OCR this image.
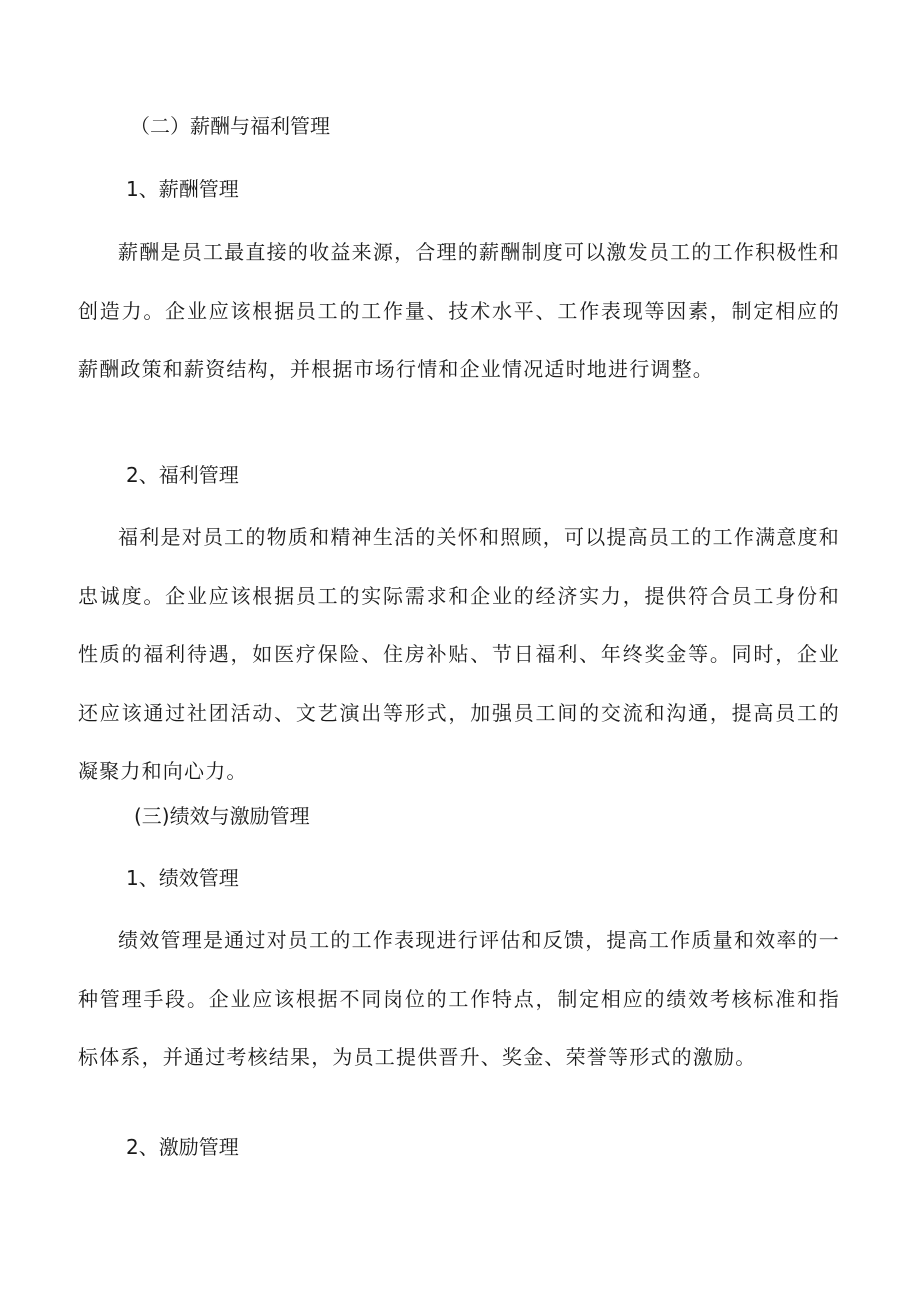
（二）薪酬与福利管理
1、薪酬管理

薪酬是员工最直接的收益来源，合理的薪酬制度可以激发员工的工作积极性和创造力。企业应该根据员工的工作量、技术水平、工作表现等因素，制定相应的薪酬政策和薪资结构，并根据市场行情和企业情况适时地进行调整。

2、福利管理

福利是对员工的物质和精神生活的关怀和照顾，可以提高员工的工作满意度和忠诚度。企业应该根据员工的实际需求和企业的经济实力，提供符合员工身份和性质的福利待遇，如医疗保险、住房补贴、节日福利、年终奖金等。同时，企业还应该通过社团活动、文艺演出等形式，加强员工间的交流和沟通，提高员工的凝聚力和向心力。

(三)绩效与激励管理
1、绩效管理

绩效管理是通过对员工的工作表现进行评估和反馈，提高工作质量和效率的一种管理手段。企业应该根据不同岗位的工作特点，制定相应的绩效考核标准和指标体系，并通过考核结果，为员工提供晋升、奖金、荣誉等形式的激励。

2、激励管理
